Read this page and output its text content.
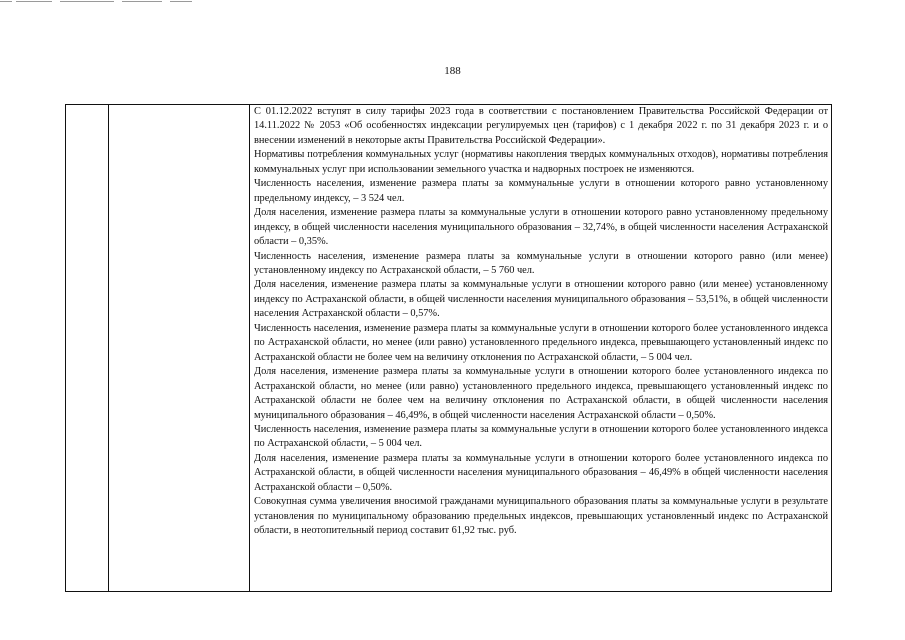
188

С 01.12.2022 вступят в силу тарифы 2023 года в соответствии с постановлением Правительства Российской Федерации от 14.11.2022 № 2053 «Об особенностях индексации регулируемых цен (тарифов) с 1 декабря 2022 г. по 31 декабря 2023 г. и о внесении изменений в некоторые акты Правительства Российской Федерации».

Нормативы потребления коммунальных услуг (нормативы накопления твердых коммунальных отходов), нормативы потребления коммунальных услуг при использовании земельного участка и надворных построек не изменяются.

Численность населения, изменение размера платы за коммунальные услуги в отношении которого равно установленному предельному индексу, – 3 524 чел.

Доля населения, изменение размера платы за коммунальные услуги в отношении которого равно установленному предельному индексу, в общей численности населения муниципального образования – 32,74%, в общей численности населения Астраханской области – 0,35%.

Численность населения, изменение размера платы за коммунальные услуги в отношении которого равно (или менее) установленному индексу по Астраханской области, – 5 760 чел.

Доля населения, изменение размера платы за коммунальные услуги в отношении которого равно (или менее) установленному индексу по Астраханской области, в общей численности населения муниципального образования – 53,51%, в общей численности населения Астраханской области – 0,57%.

Численность населения, изменение размера платы за коммунальные услуги в отношении которого более установленного индекса по Астраханской области, но менее (или равно) установленного предельного индекса, превышающего установленный индекс по Астраханской области не более чем на величину отклонения по Астраханской области, – 5 004 чел.

Доля населения, изменение размера платы за коммунальные услуги в отношении которого более установленного индекса по Астраханской области, но менее (или равно) установленного предельного индекса, превышающего установленный индекс по Астраханской области не более чем на величину отклонения по Астраханской области, в общей численности населения муниципального образования – 46,49%, в общей численности населения Астраханской области – 0,50%.

Численность населения, изменение размера платы за коммунальные услуги в отношении которого более установленного индекса по Астраханской области, – 5 004 чел.

Доля населения, изменение размера платы за коммунальные услуги в отношении которого более установленного индекса по Астраханской области, в общей численности населения муниципального образования – 46,49% в общей численности населения Астраханской области – 0,50%.

Совокупная сумма увеличения вносимой гражданами муниципального образования платы за коммунальные услуги в результате установления по муниципальному образованию предельных индексов, превышающих установленный индекс по Астраханской области, в неотопительный период составит 61,92 тыс. руб.
